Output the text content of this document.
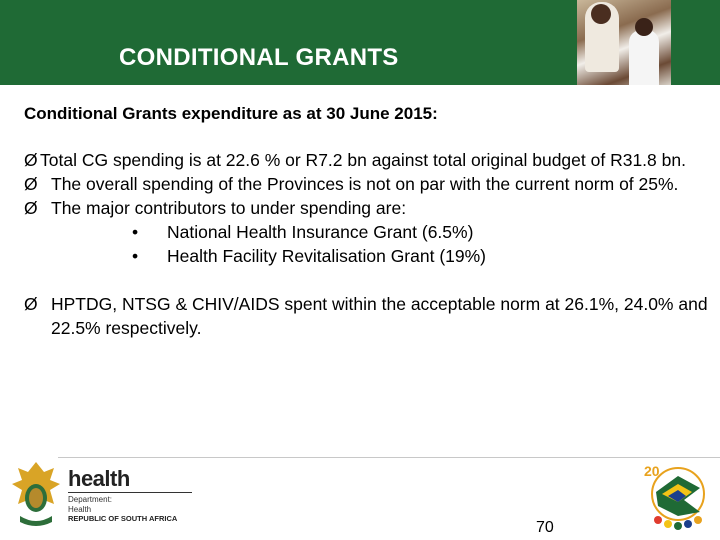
CONDITIONAL GRANTS
Conditional Grants expenditure as at 30 June 2015:
Ø Total CG spending is at 22.6 % or R7.2 bn against total original budget of R31.8 bn.
Ø The overall spending of the Provinces is not on par with the current norm of 25%.
Ø The major contributors to under spending are:
• National Health Insurance Grant (6.5%)
• Health Facility Revitalisation Grant (19%)
Ø HPTDG, NTSG & CHIV/AIDS spent within the acceptable norm at 26.1%, 24.0% and 22.5% respectively.
health
Department:
Health
REPUBLIC OF SOUTH AFRICA
20
70
